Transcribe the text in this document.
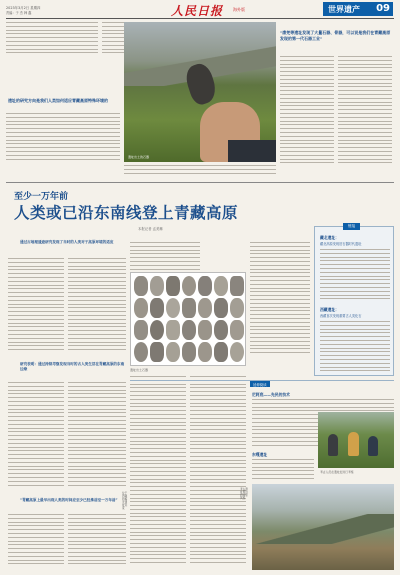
2023年3月2日 星期四
责编：于 杰 韩 鑫	人民日报 海外版	世界遗产 09
遗址出土的石器
遗址的研究方向是我们人类如何适应青藏高原特殊环境的
“康羌等遗址发现了大量石器、骨器，可以说是我们在青藏高原发现的第一代石器工业”
至少一万年前
人类或已沿东南线登上青藏高原
本报记者 孟美琳
通过古地理遗迹研究发现了当时的人类对于高原环境的适应
研究表明：通过持续考察发现当时的古人类生活在青藏高原的东南边缘
“青藏高原上最早出现人类的时间应至少已经推前至一万年前”
遗址出土石器
链接
藏北遗址：
藏北高原发现旧石器时代遗址
西藏遗址：
西藏首次发现重要古人类化石
延伸阅读
尼阿底——先民的技术
考古人员在遗址处进行考察
东嘎遗址
考古遗址周边的高原风貌
位于西藏的梅龙遗址远景
